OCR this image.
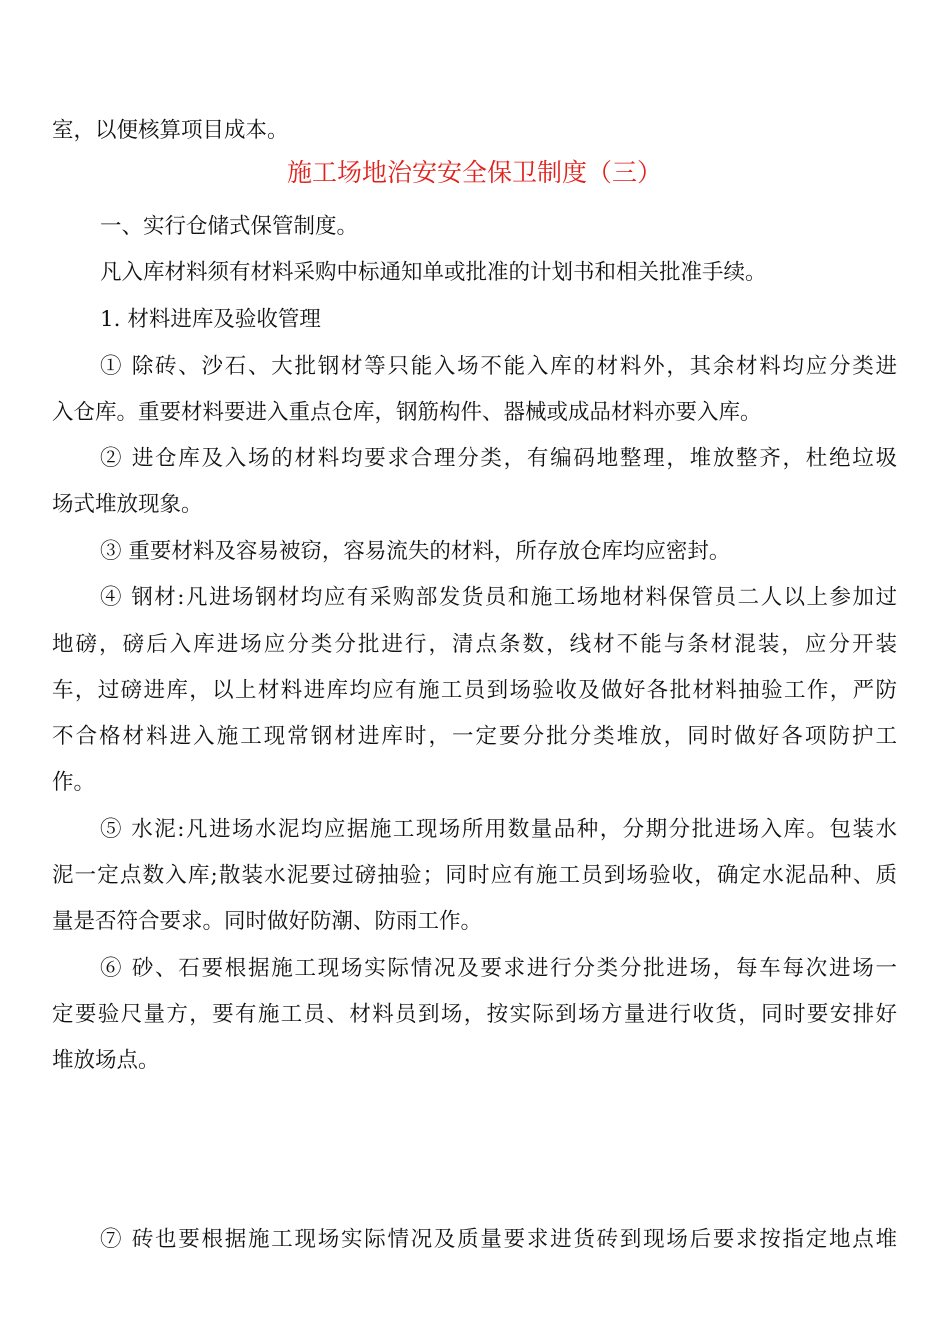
室，以便核算项目成本。
施工场地治安安全保卫制度（三）
一、实行仓储式保管制度。
凡入库材料须有材料采购中标通知单或批准的计划书和相关批准手续。
1. 材料进库及验收管理
① 除砖、沙石、大批钢材等只能入场不能入库的材料外，其余材料均应分类进
入仓库。重要材料要进入重点仓库，钢筋构件、器械或成品材料亦要入库。
② 进仓库及入场的材料均要求合理分类，有编码地整理，堆放整齐，杜绝垃圾
场式堆放现象。
③ 重要材料及容易被窃，容易流失的材料，所存放仓库均应密封。
④ 钢材:凡进场钢材均应有采购部发货员和施工场地材料保管员二人以上参加过
地磅，磅后入库进场应分类分批进行，清点条数，线材不能与条材混装，应分开装
车，过磅进库，以上材料进库均应有施工员到场验收及做好各批材料抽验工作，严防
不合格材料进入施工现常钢材进库时，一定要分批分类堆放，同时做好各项防护工
作。
⑤ 水泥:凡进场水泥均应据施工现场所用数量品种，分期分批进场入库。包装水
泥一定点数入库;散装水泥要过磅抽验；同时应有施工员到场验收，确定水泥品种、质
量是否符合要求。同时做好防潮、防雨工作。
⑥ 砂、石要根据施工现场实际情况及要求进行分类分批进场，每车每次进场一
定要验尺量方，要有施工员、材料员到场，按实际到场方量进行收货，同时要安排好
堆放场点。
⑦ 砖也要根据施工现场实际情况及质量要求进货砖到现场后要求按指定地点堆
